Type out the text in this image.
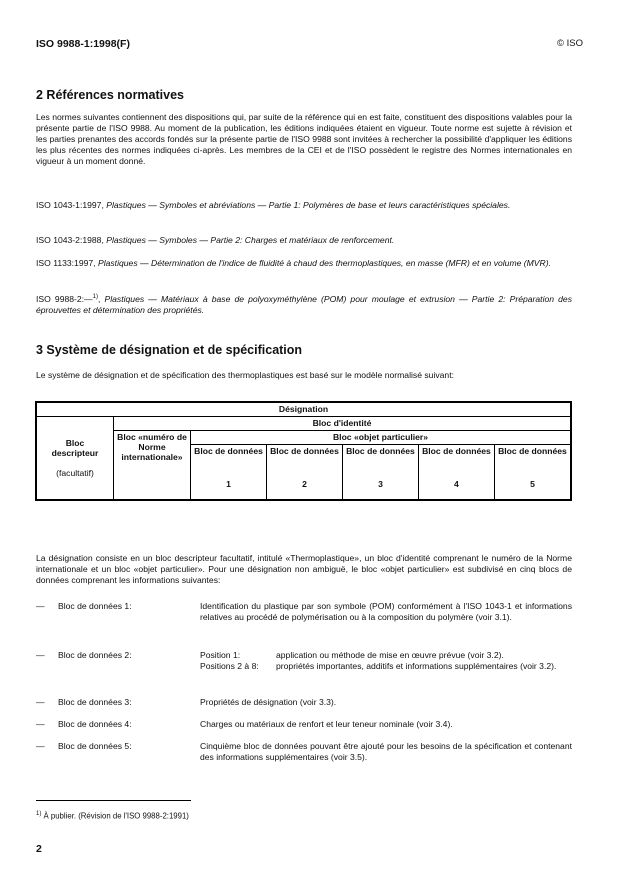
ISO 9988-1:1998(F)	© ISO
2 Références normatives

Les normes suivantes contiennent des dispositions qui, par suite de la référence qui en est faite, constituent des dispositions valables pour la présente partie de l'ISO 9988. Au moment de la publication, les éditions indiquées étaient en vigueur. Toute norme est sujette à révision et les parties prenantes des accords fondés sur la présente partie de l'ISO 9988 sont invitées à rechercher la possibilité d'appliquer les éditions les plus récentes des normes indiquées ci-après. Les membres de la CEI et de l'ISO possèdent le registre des Normes internationales en vigueur à un moment donné.

ISO 1043-1:1997, Plastiques — Symboles et abréviations — Partie 1: Polymères de base et leurs caractéristiques spéciales.

ISO 1043-2:1988, Plastiques — Symboles — Partie 2: Charges et matériaux de renforcement.

ISO 1133:1997, Plastiques — Détermination de l'indice de fluidité à chaud des thermoplastiques, en masse (MFR) et en volume (MVR).

ISO 9988-2:—$^{1)}$, Plastiques — Matériaux à base de polyoxyméthylène (POM) pour moulage et extrusion — Partie 2: Préparation des éprouvettes et détermination des propriétés.

3 Système de désignation et de spécification

Le système de désignation et de spécification des thermoplastiques est basé sur le modèle normalisé suivant:

Désignation						

Bloc descripteur
(facultatif)	Bloc d'identité					
	Bloc «numéro de Norme internationale»	Bloc «objet particulier»				
		Bloc de données	Bloc de données	Bloc de données	Bloc de données	Bloc de données
		1	2	3	4	5

La désignation consiste en un bloc descripteur facultatif, intitulé «Thermoplastique», un bloc d'identité comprenant le numéro de la Norme internationale et un bloc «objet particulier». Pour une désignation non ambiguë, le bloc «objet particulier» est subdivisé en cinq blocs de données comprenant les informations suivantes:

— Bloc de données 1:	Identification du plastique par son symbole (POM) conformément à l'ISO 1043-1 et informations relatives au procédé de polymérisation ou à la composition du polymère (voir 3.1).
— Bloc de données 2:	Position 1:	application ou méthode de mise en œuvre prévue (voir 3.2).
Positions 2 à 8: propriétés importantes, additifs et informations supplémentaires (voir 3.2).
— Bloc de données 3:	Propriétés de désignation (voir 3.3).
— Bloc de données 4:	Charges ou matériaux de renfort et leur teneur nominale (voir 3.4).
— Bloc de données 5:	Cinquième bloc de données pouvant être ajouté pour les besoins de la spécification et contenant des informations supplémentaires (voir 3.5).
$^{1)}$ À publier. (Révision de l'ISO 9988-2:1991)
2
